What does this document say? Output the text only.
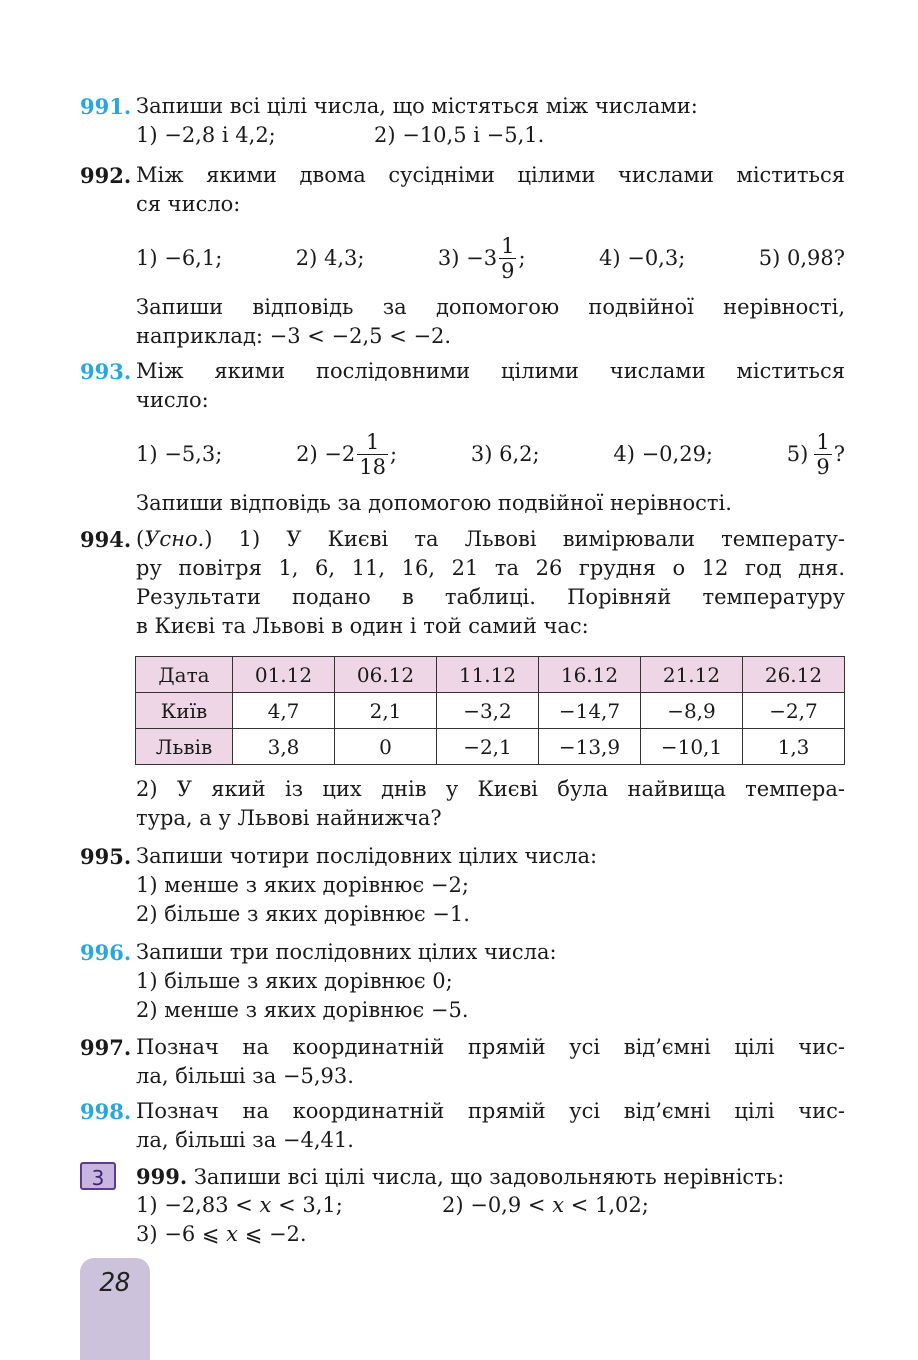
991. Запиши всі цілі числа, що містяться між числами:
1) −2,8 і 4,2;	2) −10,5 і −5,1.
992. Між якими двома сусідніми цілими числами міститься
ся число:
1) −6,1;	2) 4,3;	$3) -3 \frac{1}{9}$ ;	4) −0,3;	5) 0,98?
Запиши відповідь за допомогою подвійної нерівності,
наприклад: −3 < −2,5 < −2.
993. Між якими послідовними цілими числами міститься
число:
1) −5,3;	$2) -2 \frac{1}{18}$ ;	3) 6,2;	4) −0,29;	$5) \frac{1}{9}$ ?
Запиши відповідь за допомогою подвійної нерівності.
994. (Усно.) 1) У Києві та Львові вимірювали температу-
ру повітря 1, 6, 11, 16, 21 та 26 грудня о 12 год дня.
Результати подано в таблиці. Порівняй температуру
в Києві та Львові в один і той самий час:
Дата	01.12	06.12	11.12	16.12	21.12	26.12
Київ	4,7	2,1	−3,2	−14,7	−8,9	−2,7
Львів	3,8	0	−2,1	−13,9	−10,1	1,3
2) У який із цих днів у Києві була найвища темпера-
тура, а у Львові найнижча?
995. Запиши чотири послідовних цілих числа:
1) менше з яких дорівнює −2;
2) більше з яких дорівнює −1.
996. Запиши три послідовних цілих числа:
1) більше з яких дорівнює 0;
2) менше з яких дорівнює −5.
997. Познач на координатній прямій усі від’ємні цілі чис-
ла, більші за −5,93.
998. Познач на координатній прямій усі від’ємні цілі чис-
ла, більші за −4,41.
3	999. Запиши всі цілі числа, що задовольняють нерівність:
1) −2,83 < x < 3,1;	2) −0,9 < x < 1,02;
3) −6 ⩽ x ⩽ −2.
28
